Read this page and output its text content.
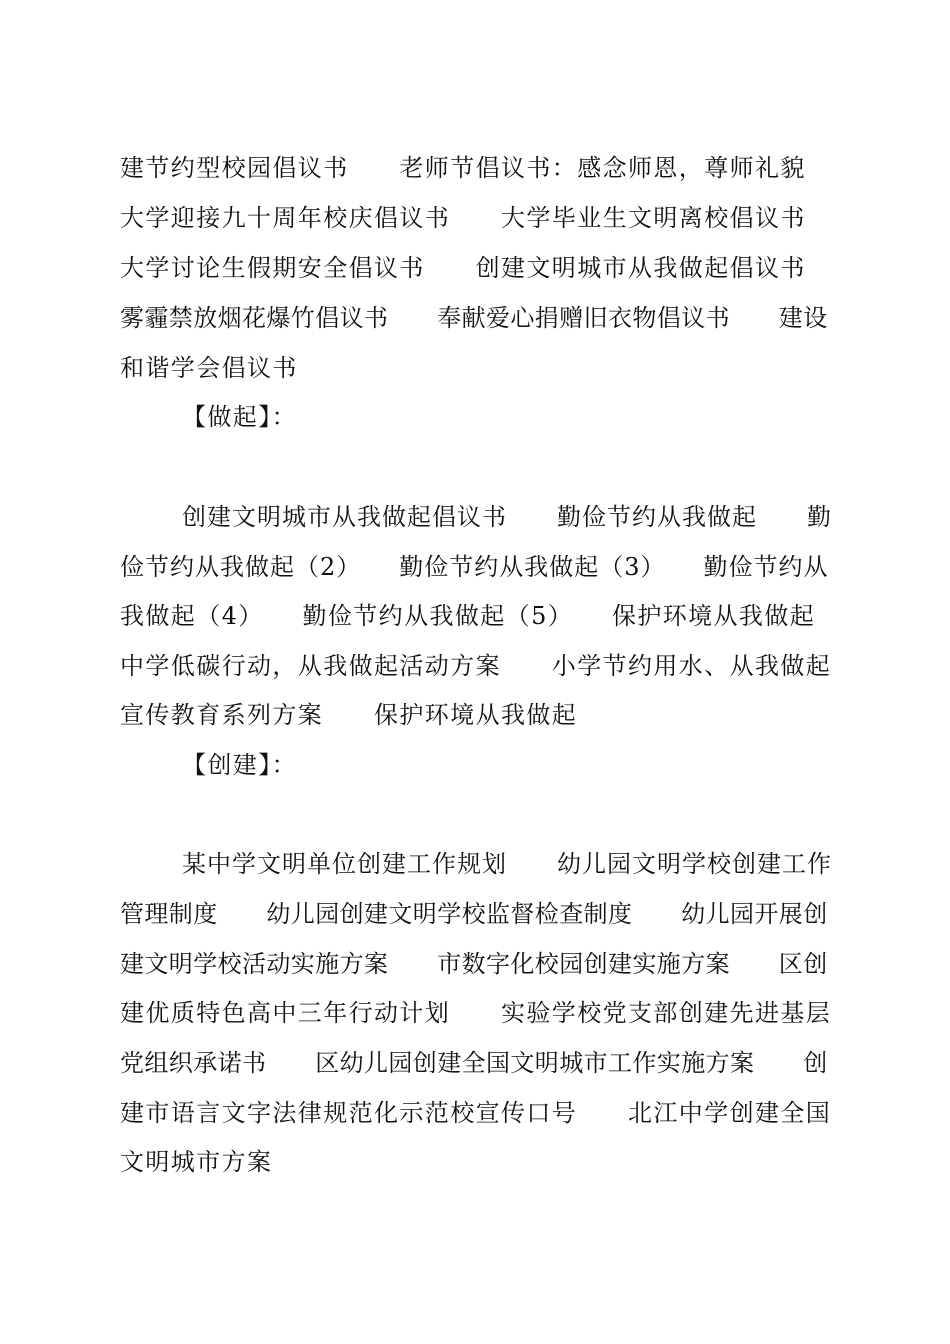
建节约型校园倡议书　　老师节倡议书：感念师恩，尊师礼貌
大学迎接九十周年校庆倡议书　　大学毕业生文明离校倡议书
大学讨论生假期安全倡议书　　创建文明城市从我做起倡议书
雾霾禁放烟花爆竹倡议书　　奉献爱心捐赠旧衣物倡议书　　建设
和谐学会倡议书
【做起】：
创建文明城市从我做起倡议书　　勤俭节约从我做起　　勤
俭节约从我做起（2）　　勤俭节约从我做起（3）　　勤俭节约从
我做起（4）　　勤俭节约从我做起（5）　　保护环境从我做起
中学低碳行动，从我做起活动方案　　小学节约用水、从我做起
宣传教育系列方案　　保护环境从我做起
【创建】：
某中学文明单位创建工作规划　　幼儿园文明学校创建工作
管理制度　　幼儿园创建文明学校监督检查制度　　幼儿园开展创
建文明学校活动实施方案　　市数字化校园创建实施方案　　区创
建优质特色高中三年行动计划　　实验学校党支部创建先进基层
党组织承诺书　　区幼儿园创建全国文明城市工作实施方案　　创
建市语言文字法律规范化示范校宣传口号　　北江中学创建全国
文明城市方案
